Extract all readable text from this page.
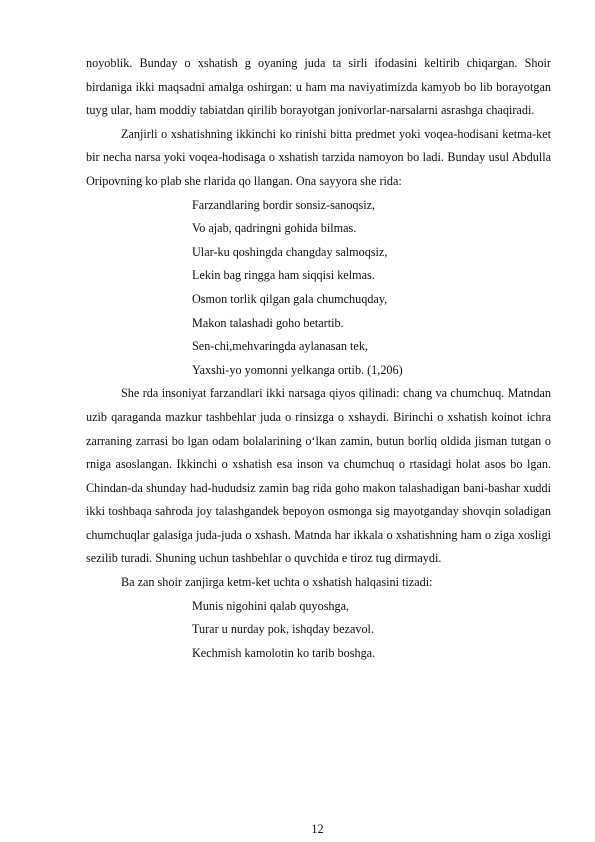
noyoblik. Bunday o xshatish g oyaning juda ta sirli ifodasini keltirib chiqargan. Shoir birdaniga ikki maqsadni amalga oshirgan: u ham ma naviyatimizda kamyob bo lib borayotgan tuyg ular, ham moddiy tabiatdan qirilib borayotgan jonivorlar-narsalarni asrashga chaqiradi.

Zanjirli o xshatishning ikkinchi ko rinishi bitta predmet yoki voqea-hodisani ketma-ket bir necha narsa yoki voqea-hodisaga o xshatish tarzida namoyon bo ladi. Bunday usul Abdulla Oripovning ko plab she rlarida qo llangan. Ona sayyora she rida:

Farzandlaring bordir sonsiz-sanoqsiz,
Vo ajab, qadringni gohida bilmas.
Ular-ku qoshingda changday salmoqsiz,
Lekin bag ringga ham siqqisi kelmas.
Osmon torlik qilgan gala chumchuqday,
Makon talashadi goho betartib.
Sen-chi,mehvaringda aylanasan tek,
Yaxshi-yo yomonni yelkanga ortib. (1,206)

She rda insoniyat farzandlari ikki narsaga qiyos qilinadi: chang va chumchuq. Matndan uzib qaraganda mazkur tashbehlar juda o rinsizga o xshaydi. Birinchi o xshatish koinot ichra zarraning zarrasi bo lgan odam bolalarining o‘lkan zamin, butun borliq oldida jisman tutgan o rniga asoslangan. Ikkinchi o xshatish esa inson va chumchuq o rtasidagi holat asos bo lgan. Chindan-da shunday had-hududsiz zamin bag rida goho makon talashadigan bani-bashar xuddi ikki toshbaqa sahroda joy talashgandek bepoyon osmonga sig mayotganday shovqin soladigan chumchuqlar galasiga juda-juda o xshash. Matnda har ikkala o xshatishning ham o ziga xosligi sezilib turadi. Shuning uchun tashbehlar o quvchida e tiroz tug dirmaydi.

Ba zan shoir zanjirga ketm-ket uchta o xshatish halqasini tizadi:

Munis nigohini qalab quyoshga,
Turar u nurday pok, ishqday bezavol.
Kechmish kamolotin ko tarib boshga.
12
